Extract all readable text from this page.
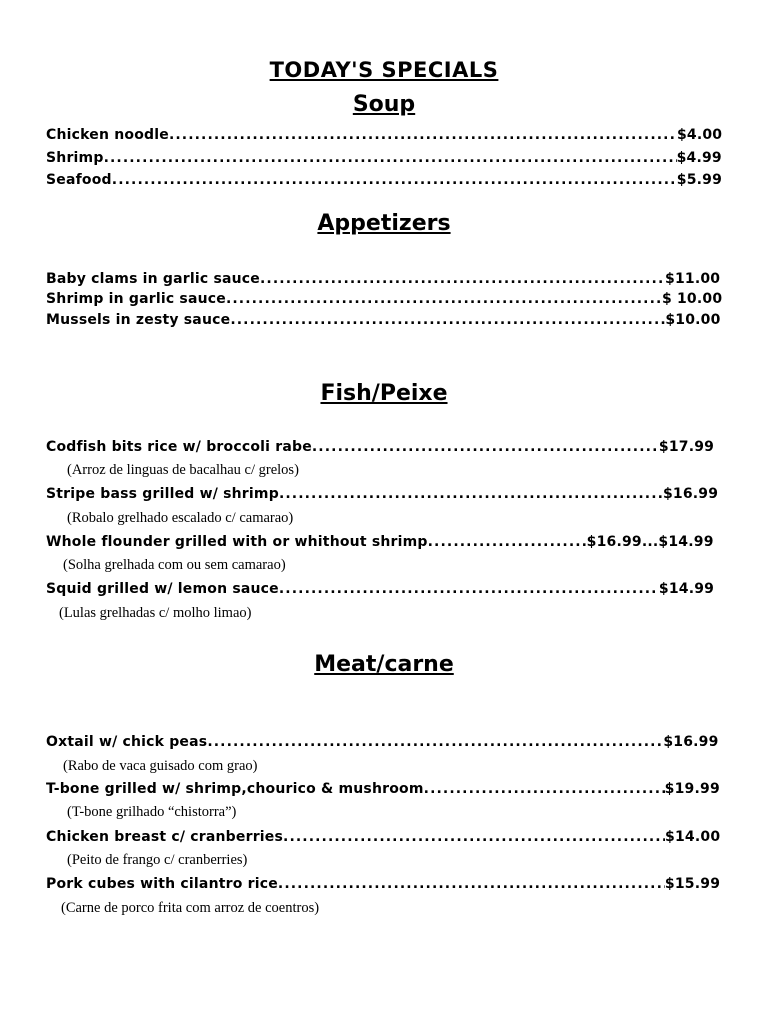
TODAY'S SPECIALS
Soup
Chicken noodle .....	$4.00
Shrimp .....	$4.99
Seafood .....	$5.99
Appetizers
Baby clams in garlic sauce .....	$11.00
Shrimp in garlic sauce .....	$ 10.00
Mussels in zesty sauce .....	$10.00
Fish/Peixe
Codfish bits rice w/ broccoli rabe .....	$17.99
(Arroz de linguas de bacalhau c/ grelos)
Stripe bass grilled w/ shrimp .....	$16.99
(Robalo grelhado escalado c/ camarao)
Whole flounder grilled with or whithout shrimp .....	$16.99...$14.99
(Solha grelhada com ou sem camarao)
Squid grilled w/ lemon sauce .....	$14.99
(Lulas grelhadas c/ molho limao)
Meat/carne
Oxtail w/ chick peas .....	$16.99
(Rabo de vaca guisado com grao)
T-bone grilled w/ shrimp,chourico & mushroom .....	$19.99
(T-bone grilhado “chistorra”)
Chicken breast c/ cranberries .....	$14.00
(Peito de frango c/ cranberries)
Pork cubes with cilantro rice .....	$15.99
(Carne de porco frita com arroz de coentros)
